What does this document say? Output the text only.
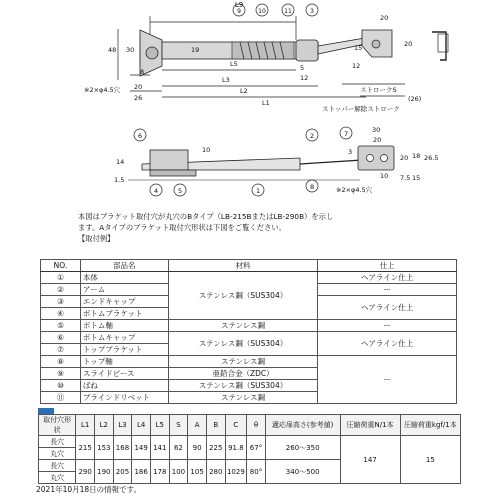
L9
9	10	11	3
48 30
8
19
L5
L3
L2
L1
20
26
5
12
15	20
12
20
(26)
※2×φ4.5穴	ストロークS
ストッパー解除ストローク
6	2	7	30
20
10	3
14
1.5
4	5	1	8
20 18 26.5
7.5 15
10
※2×φ4.5穴
本図はブラケット取付穴が丸穴のBタイプ（LB-215BまたはLB-290B）を示し
ます。Aタイプのブラケット取付穴形状は下図をご覧ください。
【取付例】
NO.	部品名	材料	仕上
①	本体	ステンレス鋼（SUS304）	ヘアライン仕上
②	アーム		ー
③	エンドキャップ		ヘアライン仕上
④	ボトムブラケット		
⑤	ボトム軸	ステンレス鋼	ー
⑥	ボトムキャップ	ステンレス鋼（SUS304）	ヘアライン仕上
⑦	トップブラケット		
⑧	トップ軸	ステンレス鋼	ー
⑨	スライドピース	亜鉛合金（ZDC）	
⑩	ばね	ステンレス鋼（SUS304）	
⑪	ブラインドリベット	ステンレス鋼	
取付穴形状	L1	L2	L3	L4	L5	S	A	B	C	θ	適応扉高さ(参考値)	圧縮荷重N/1本	圧縮荷重kgf/1本
長穴	215	153	168	149	141	62	90	225	91.8	67°	260～350	147	15
丸穴													
長穴	290	190	205	186	178	100	105	280	1029	80°	340～500		
丸穴													
2021年10月18日の情報です。
